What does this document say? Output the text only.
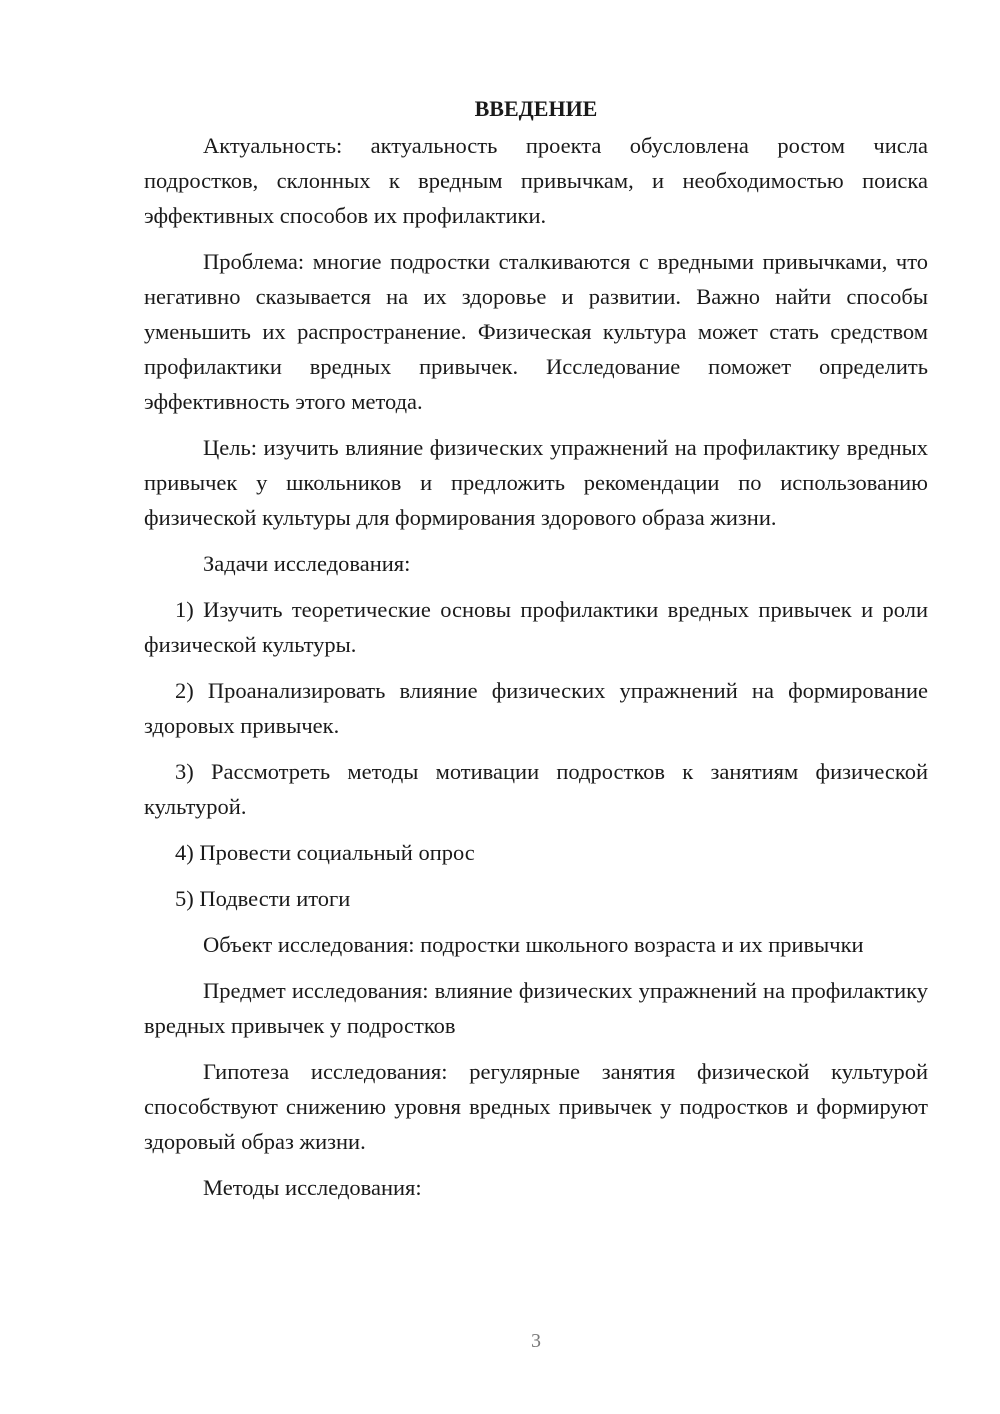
ВВЕДЕНИЕ

Актуальность: актуальность проекта обусловлена ростом числа подростков, склонных к вредным привычкам, и необходимостью поиска эффективных способов их профилактики.

Проблема: многие подростки сталкиваются с вредными привычками, что негативно сказывается на их здоровье и развитии. Важно найти способы уменьшить их распространение. Физическая культура может стать средством профилактики вредных привычек. Исследование поможет определить эффективность этого метода.

Цель: изучить влияние физических упражнений на профилактику вредных привычек у школьников и предложить рекомендации по использованию физической культуры для формирования здорового образа жизни.

Задачи исследования:

1) Изучить теоретические основы профилактики вредных привычек и роли физической культуры.

2) Проанализировать влияние физических упражнений на формирование здоровых привычек.

3) Рассмотреть методы мотивации подростков к занятиям физической культурой.

4) Провести социальный опрос

5) Подвести итоги

Объект исследования: подростки школьного возраста и их привычки

Предмет исследования: влияние физических упражнений на профилактику вредных привычек у подростков

Гипотеза исследования: регулярные занятия физической культурой способствуют снижению уровня вредных привычек у подростков и формируют здоровый образ жизни.

Методы исследования:

3
